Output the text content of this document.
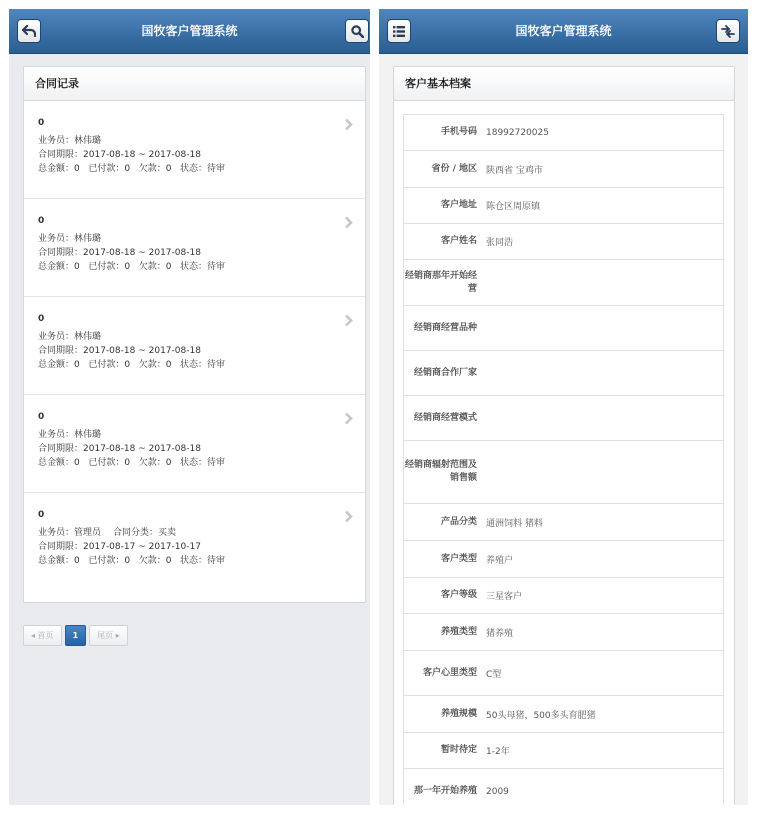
国牧客户管理系统
合同记录
0
业务员：林伟璐
合同期限：2017-08-18 ~ 2017-08-18
总金额：0 已付款：0 欠款：0 状态：待审
0
业务员：林伟璐
合同期限：2017-08-18 ~ 2017-08-18
总金额：0 已付款：0 欠款：0 状态：待审
0
业务员：林伟璐
合同期限：2017-08-18 ~ 2017-08-18
总金额：0 已付款：0 欠款：0 状态：待审
0
业务员：林伟璐
合同期限：2017-08-18 ~ 2017-08-18
总金额：0 已付款：0 欠款：0 状态：待审
0
业务员：管理员 合同分类：买卖
合同期限：2017-08-17 ~ 2017-10-17
总金额：0 已付款：0 欠款：0 状态：待审
◂ 首页	1	尾页 ▸
国牧客户管理系统
客户基本档案
手机号码	18992720025
省份 / 地区	陕西省 宝鸡市
客户地址	陈仓区周原镇
客户姓名	张同浩
经销商那年开始经营
经销商经营品种
经销商合作厂家
经销商经营模式
经销商辐射范围及 销售额
产品分类	通洲饲料 猪料
客户类型	养殖户
客户等级	三星客户
养殖类型	猪养殖
客户心里类型	C型
养殖规模	50头母猪，500多头育肥猪
暂时待定	1-2年
那一年开始养殖	2009
